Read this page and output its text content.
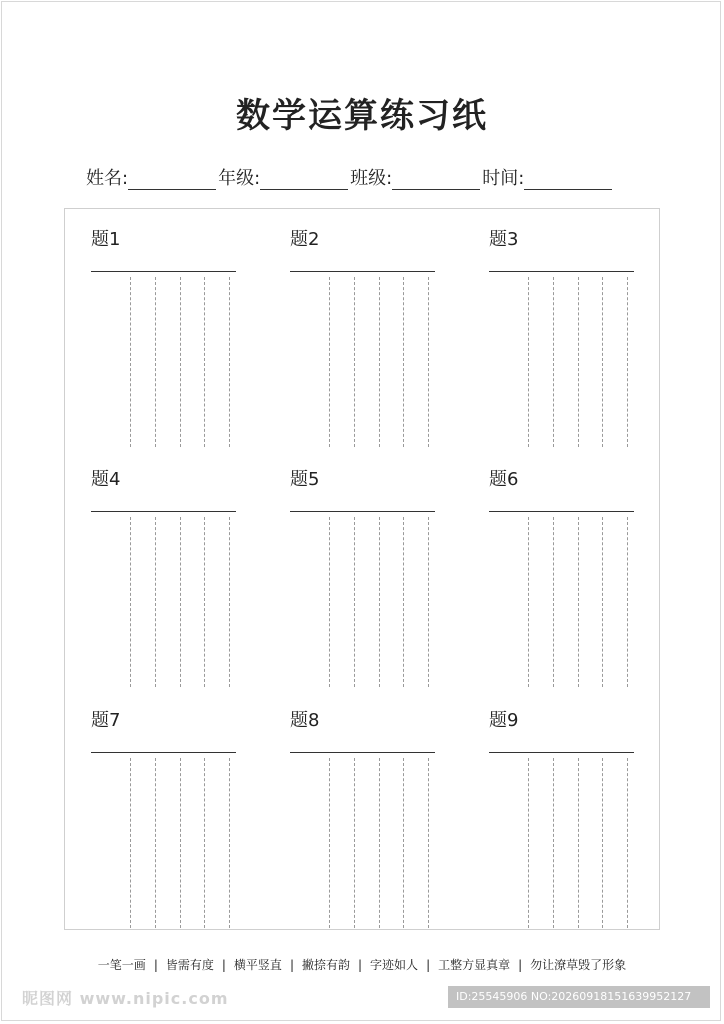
数学运算练习纸
姓名:	年级:	班级:	时间:
题1	题2	题3
题4	题5	题6
题7	题8	题9
一笔一画 | 皆需有度 | 横平竖直 | 撇捺有韵 | 字迹如人 | 工整方显真章 | 勿让潦草毁了形象
昵图网 www.nipic.com	ID:25545906 NO:20260918151639952127
